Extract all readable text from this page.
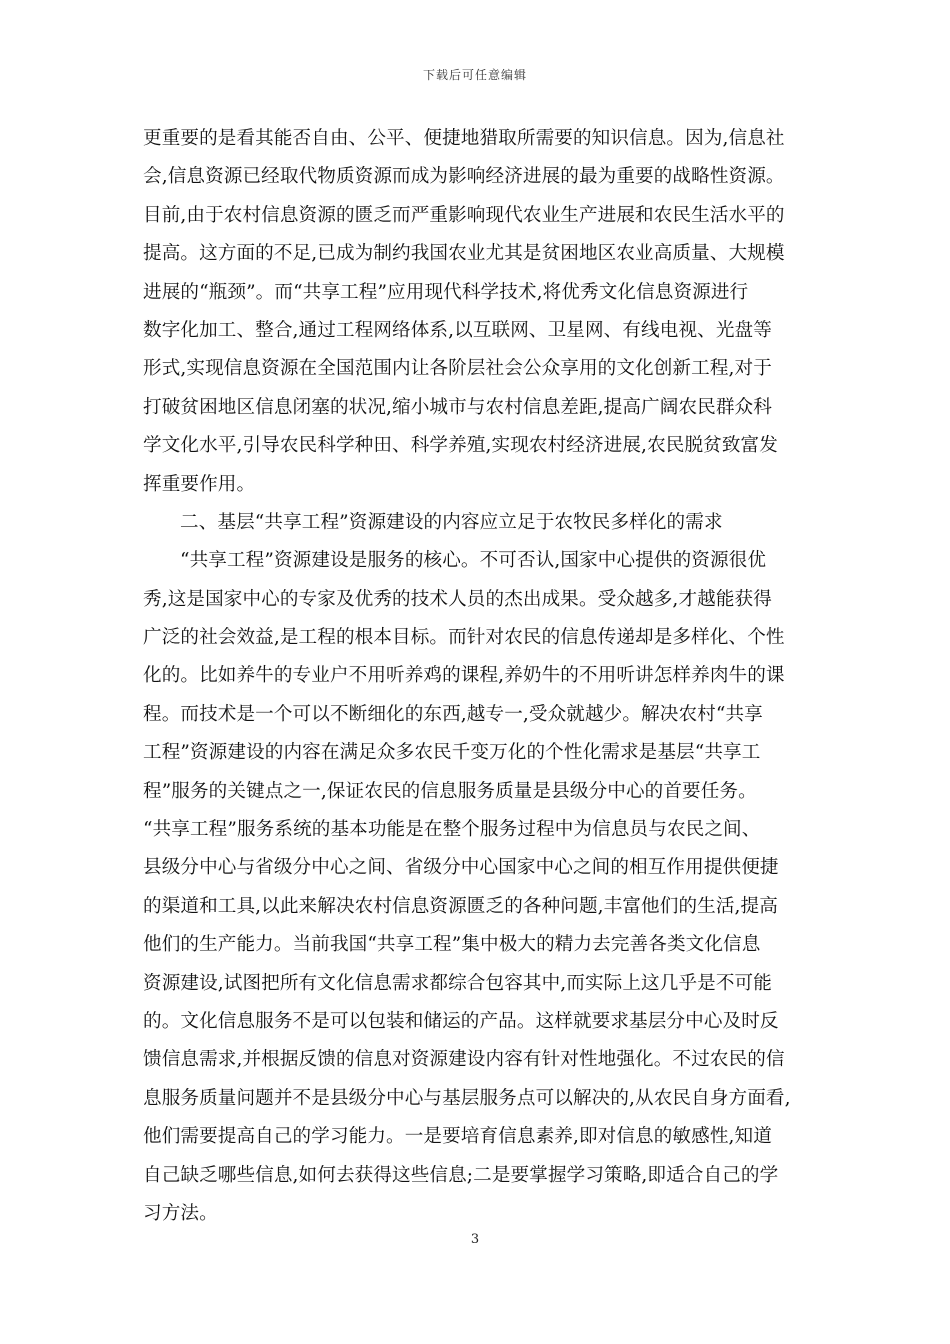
下载后可任意编辑
更重要的是看其能否自由、公平、便捷地猎取所需要的知识信息。因为,信息社
会,信息资源已经取代物质资源而成为影响经济进展的最为重要的战略性资源。
目前,由于农村信息资源的匮乏而严重影响现代农业生产进展和农民生活水平的
提高。这方面的不足,已成为制约我国农业尤其是贫困地区农业高质量、大规模
进展的“瓶颈”。而“共享工程”应用现代科学技术,将优秀文化信息资源进行
数字化加工、整合,通过工程网络体系,以互联网、卫星网、有线电视、光盘等
形式,实现信息资源在全国范围内让各阶层社会公众享用的文化创新工程,对于
打破贫困地区信息闭塞的状况,缩小城市与农村信息差距,提高广阔农民群众科
学文化水平,引导农民科学种田、科学养殖,实现农村经济进展,农民脱贫致富发
挥重要作用。
二、基层“共享工程”资源建设的内容应立足于农牧民多样化的需求
“共享工程”资源建设是服务的核心。不可否认,国家中心提供的资源很优
秀,这是国家中心的专家及优秀的技术人员的杰出成果。受众越多,才越能获得
广泛的社会效益,是工程的根本目标。而针对农民的信息传递却是多样化、个性
化的。比如养牛的专业户不用听养鸡的课程,养奶牛的不用听讲怎样养肉牛的课
程。而技术是一个可以不断细化的东西,越专一,受众就越少。解决农村“共享
工程”资源建设的内容在满足众多农民千变万化的个性化需求是基层“共享工
程”服务的关键点之一,保证农民的信息服务质量是县级分中心的首要任务。
“共享工程”服务系统的基本功能是在整个服务过程中为信息员与农民之间、
县级分中心与省级分中心之间、省级分中心国家中心之间的相互作用提供便捷
的渠道和工具,以此来解决农村信息资源匮乏的各种问题,丰富他们的生活,提高
他们的生产能力。当前我国“共享工程”集中极大的精力去完善各类文化信息
资源建设,试图把所有文化信息需求都综合包容其中,而实际上这几乎是不可能
的。文化信息服务不是可以包装和储运的产品。这样就要求基层分中心及时反
馈信息需求,并根据反馈的信息对资源建设内容有针对性地强化。不过农民的信
息服务质量问题并不是县级分中心与基层服务点可以解决的,从农民自身方面看,
他们需要提高自己的学习能力。一是要培育信息素养,即对信息的敏感性,知道
自己缺乏哪些信息,如何去获得这些信息;二是要掌握学习策略,即适合自己的学
习方法。
3
